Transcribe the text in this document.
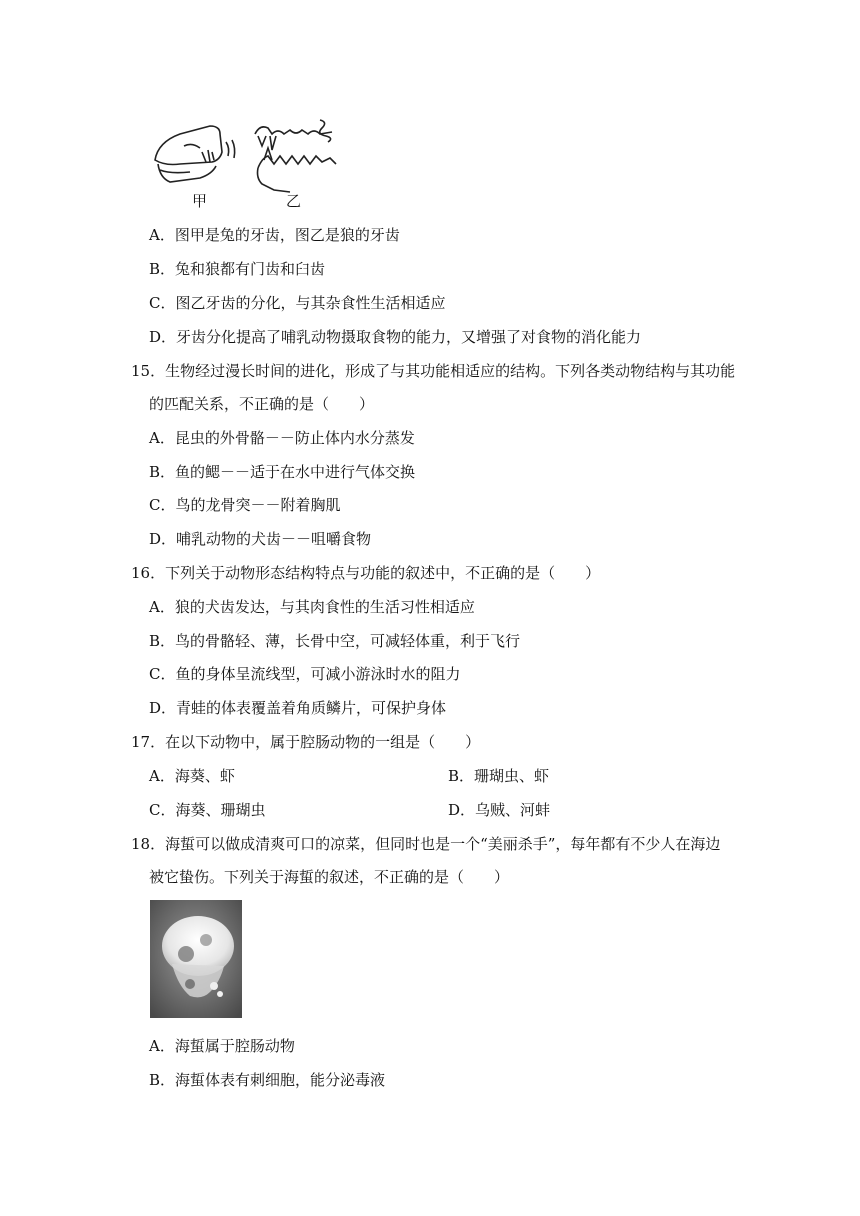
甲	乙
A．图甲是兔的牙齿，图乙是狼的牙齿
B．兔和狼都有门齿和臼齿
C．图乙牙齿的分化，与其杂食性生活相适应
D．牙齿分化提高了哺乳动物摄取食物的能力，又增强了对食物的消化能力
15．生物经过漫长时间的进化，形成了与其功能相适应的结构。下列各类动物结构与其功能
的匹配关系，不正确的是（　　）
A．昆虫的外骨骼－－防止体内水分蒸发
B．鱼的鳃－－适于在水中进行气体交换
C．鸟的龙骨突－－附着胸肌
D．哺乳动物的犬齿－－咀嚼食物
16．下列关于动物形态结构特点与功能的叙述中，不正确的是（　　）
A．狼的犬齿发达，与其肉食性的生活习性相适应
B．鸟的骨骼轻、薄，长骨中空，可减轻体重，利于飞行
C．鱼的身体呈流线型，可减小游泳时水的阻力
D．青蛙的体表覆盖着角质鳞片，可保护身体
17．在以下动物中，属于腔肠动物的一组是（　　）
A．海葵、虾	B．珊瑚虫、虾
C．海葵、珊瑚虫	D．乌贼、河蚌
18．海蜇可以做成清爽可口的凉菜，但同时也是一个“美丽杀手”，每年都有不少人在海边
被它蛰伤。下列关于海蜇的叙述，不正确的是（　　）
A．海蜇属于腔肠动物
B．海蜇体表有刺细胞，能分泌毒液
